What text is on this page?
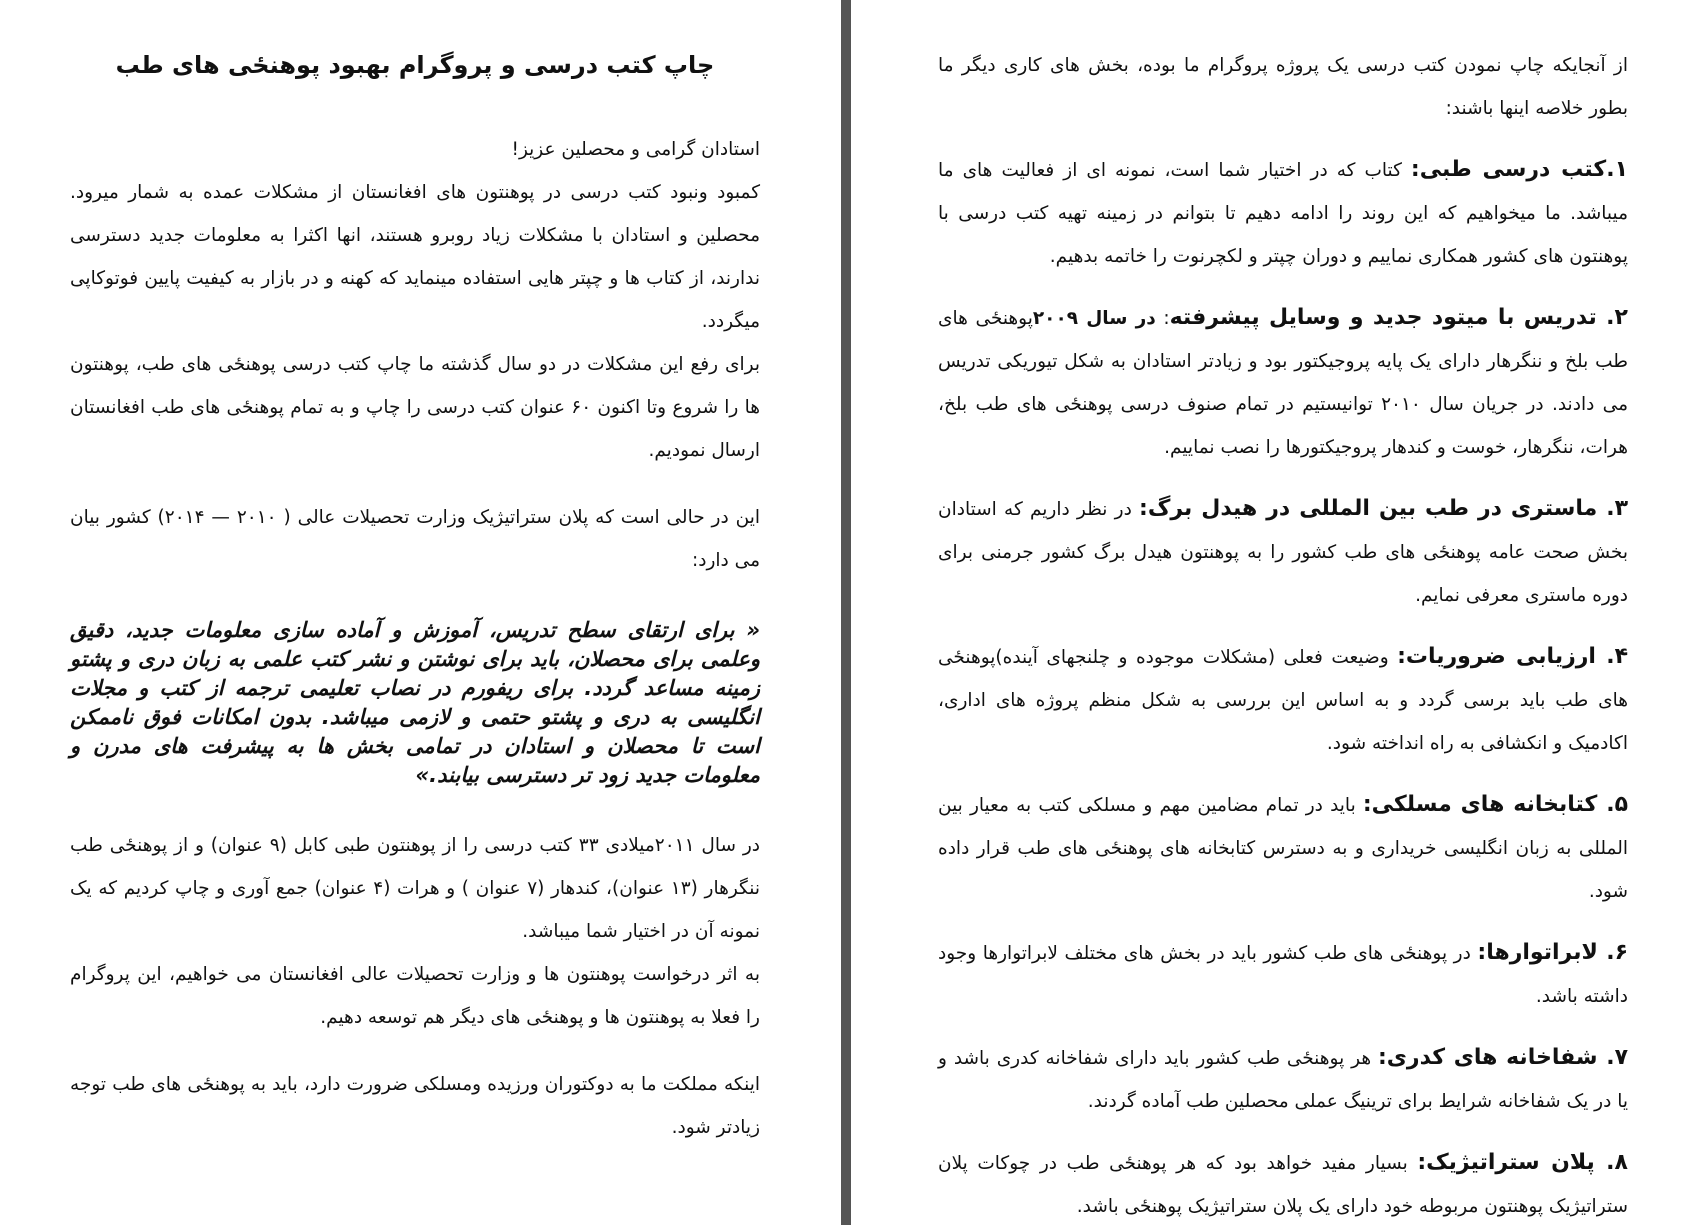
چاپ کتب درسی و پروگرام بهبود پوهنځی های طب

استادان گرامی و محصلین عزیز!

کمبود ونبود کتب درسی در پوهنتون های افغانستان از مشکلات عمده به شمار میرود. محصلین و استادان با مشکلات زیاد روبرو هستند، انها اکثرا به معلومات جدید دسترسی ندارند، از کتاب ها و چپتر هایی استفاده مینماید که کهنه و در بازار به کیفیت پایین فوتوکاپی میگردد.

برای رفع این مشکلات در دو سال گذشته ما چاپ کتب درسی پوهنځی های طب، پوهنتون ها را شروع وتا اکنون ۶۰ عنوان کتب درسی را چاپ و به تمام پوهنځی های طب افغانستان ارسال نمودیم.

این در حالی است که پلان ستراتیژیک وزارت تحصیلات عالی ( ۲۰۱۰ — ۲۰۱۴) کشور بیان می دارد:

« برای ارتقای سطح تدریس، آموزش و آماده سازی معلومات جدید، دقیق وعلمی برای محصلان، باید برای نوشتن و نشر کتب علمی به زبان دری و پشتو زمینه مساعد گردد. برای ریفورم در نصاب تعلیمی ترجمه از کتب و مجلات انگلیسی به دری و پشتو حتمی و لازمی میباشد. بدون امکانات فوق ناممکن است تا محصلان و استادان در تمامی بخش ها به پیشرفت های مدرن و معلومات جدید زود تر دسترسی بیابند.»

در سال ۲۰۱۱میلادی ۳۳ کتب درسی را از پوهنتون طبی کابل (۹ عنوان) و از پوهنځی طب ننگرهار (۱۳ عنوان)، کندهار (۷ عنوان ) و هرات (۴ عنوان) جمع آوری و چاپ کردیم که یک نمونه آن در اختیار شما میباشد.

به اثر درخواست پوهنتون ها و وزارت تحصیلات عالی افغانستان می خواهیم، این پروگرام را فعلا به پوهنتون ها و پوهنځی های دیگر هم توسعه دهیم.

اینکه مملکت ما به دوکتوران ورزیده ومسلکی ضرورت دارد، باید به پوهنځی های طب توجه زیادتر شود.

از آنجایکه چاپ نمودن کتب درسی یک پروژه پروگرام ما بوده، بخش های کاری دیگر ما بطور خلاصه اینها باشند:

۱.کتب درسی طبی: کتاب که در اختیار شما است، نمونه ای از فعالیت های ما میباشد. ما میخواهیم که این روند را ادامه دهیم تا بتوانم در زمینه تهیه کتب درسی با پوهنتون های کشور همکاری نماییم و دوران چپتر و لکچرنوت را خاتمه بدهیم.

۲. تدریس با میتود جدید و وسایل پیشرفته: در سال ۲۰۰۹پوهنځی های طب بلخ و ننگرهار دارای یک پایه پروجیکتور بود و زیادتر استادان به شکل تیوریکی تدریس می دادند. در جریان سال ۲۰۱۰ توانیستیم در تمام صنوف درسی پوهنځی های طب بلخ، هرات، ننگرهار، خوست و کندهار پروجیکتورها را نصب نماییم.

۳. ماستری در طب بین المللی در هیدل برگ: در نظر داریم که استادان بخش صحت عامه پوهنځی های طب کشور را به پوهنتون هیدل برگ کشور جرمنی برای دوره ماستری معرفی نمایم.

۴. ارزیابی ضروریات: وضیعت فعلی (مشکلات موجوده و چلنجهای آینده)پوهنځی های طب باید برسی گردد و به اساس این بررسی به شکل منظم پروژه های اداری، اکادمیک و انکشافی به راه انداخته شود.

۵. کتابخانه های مسلکی: باید در تمام مضامین مهم و مسلکی کتب به معیار بین المللی به زبان انگلیسی خریداری و به دسترس کتابخانه های پوهنځی های طب قرار داده شود.

۶. لابراتوارها: در پوهنځی های طب کشور باید در بخش های مختلف لابراتوارها وجود داشته باشد.

۷. شفاخانه های کدری: هر پوهنځی طب کشور باید دارای شفاخانه کدری باشد و یا در یک شفاخانه شرایط برای ترینیگ عملی محصلین طب آماده گردند.

۸. پلان ستراتیژیک: بسیار مفید خواهد بود که هر پوهنځی طب در چوکات پلان ستراتیژیک پوهنتون مربوطه خود دارای یک پلان ستراتیژیک پوهنځی باشد.
